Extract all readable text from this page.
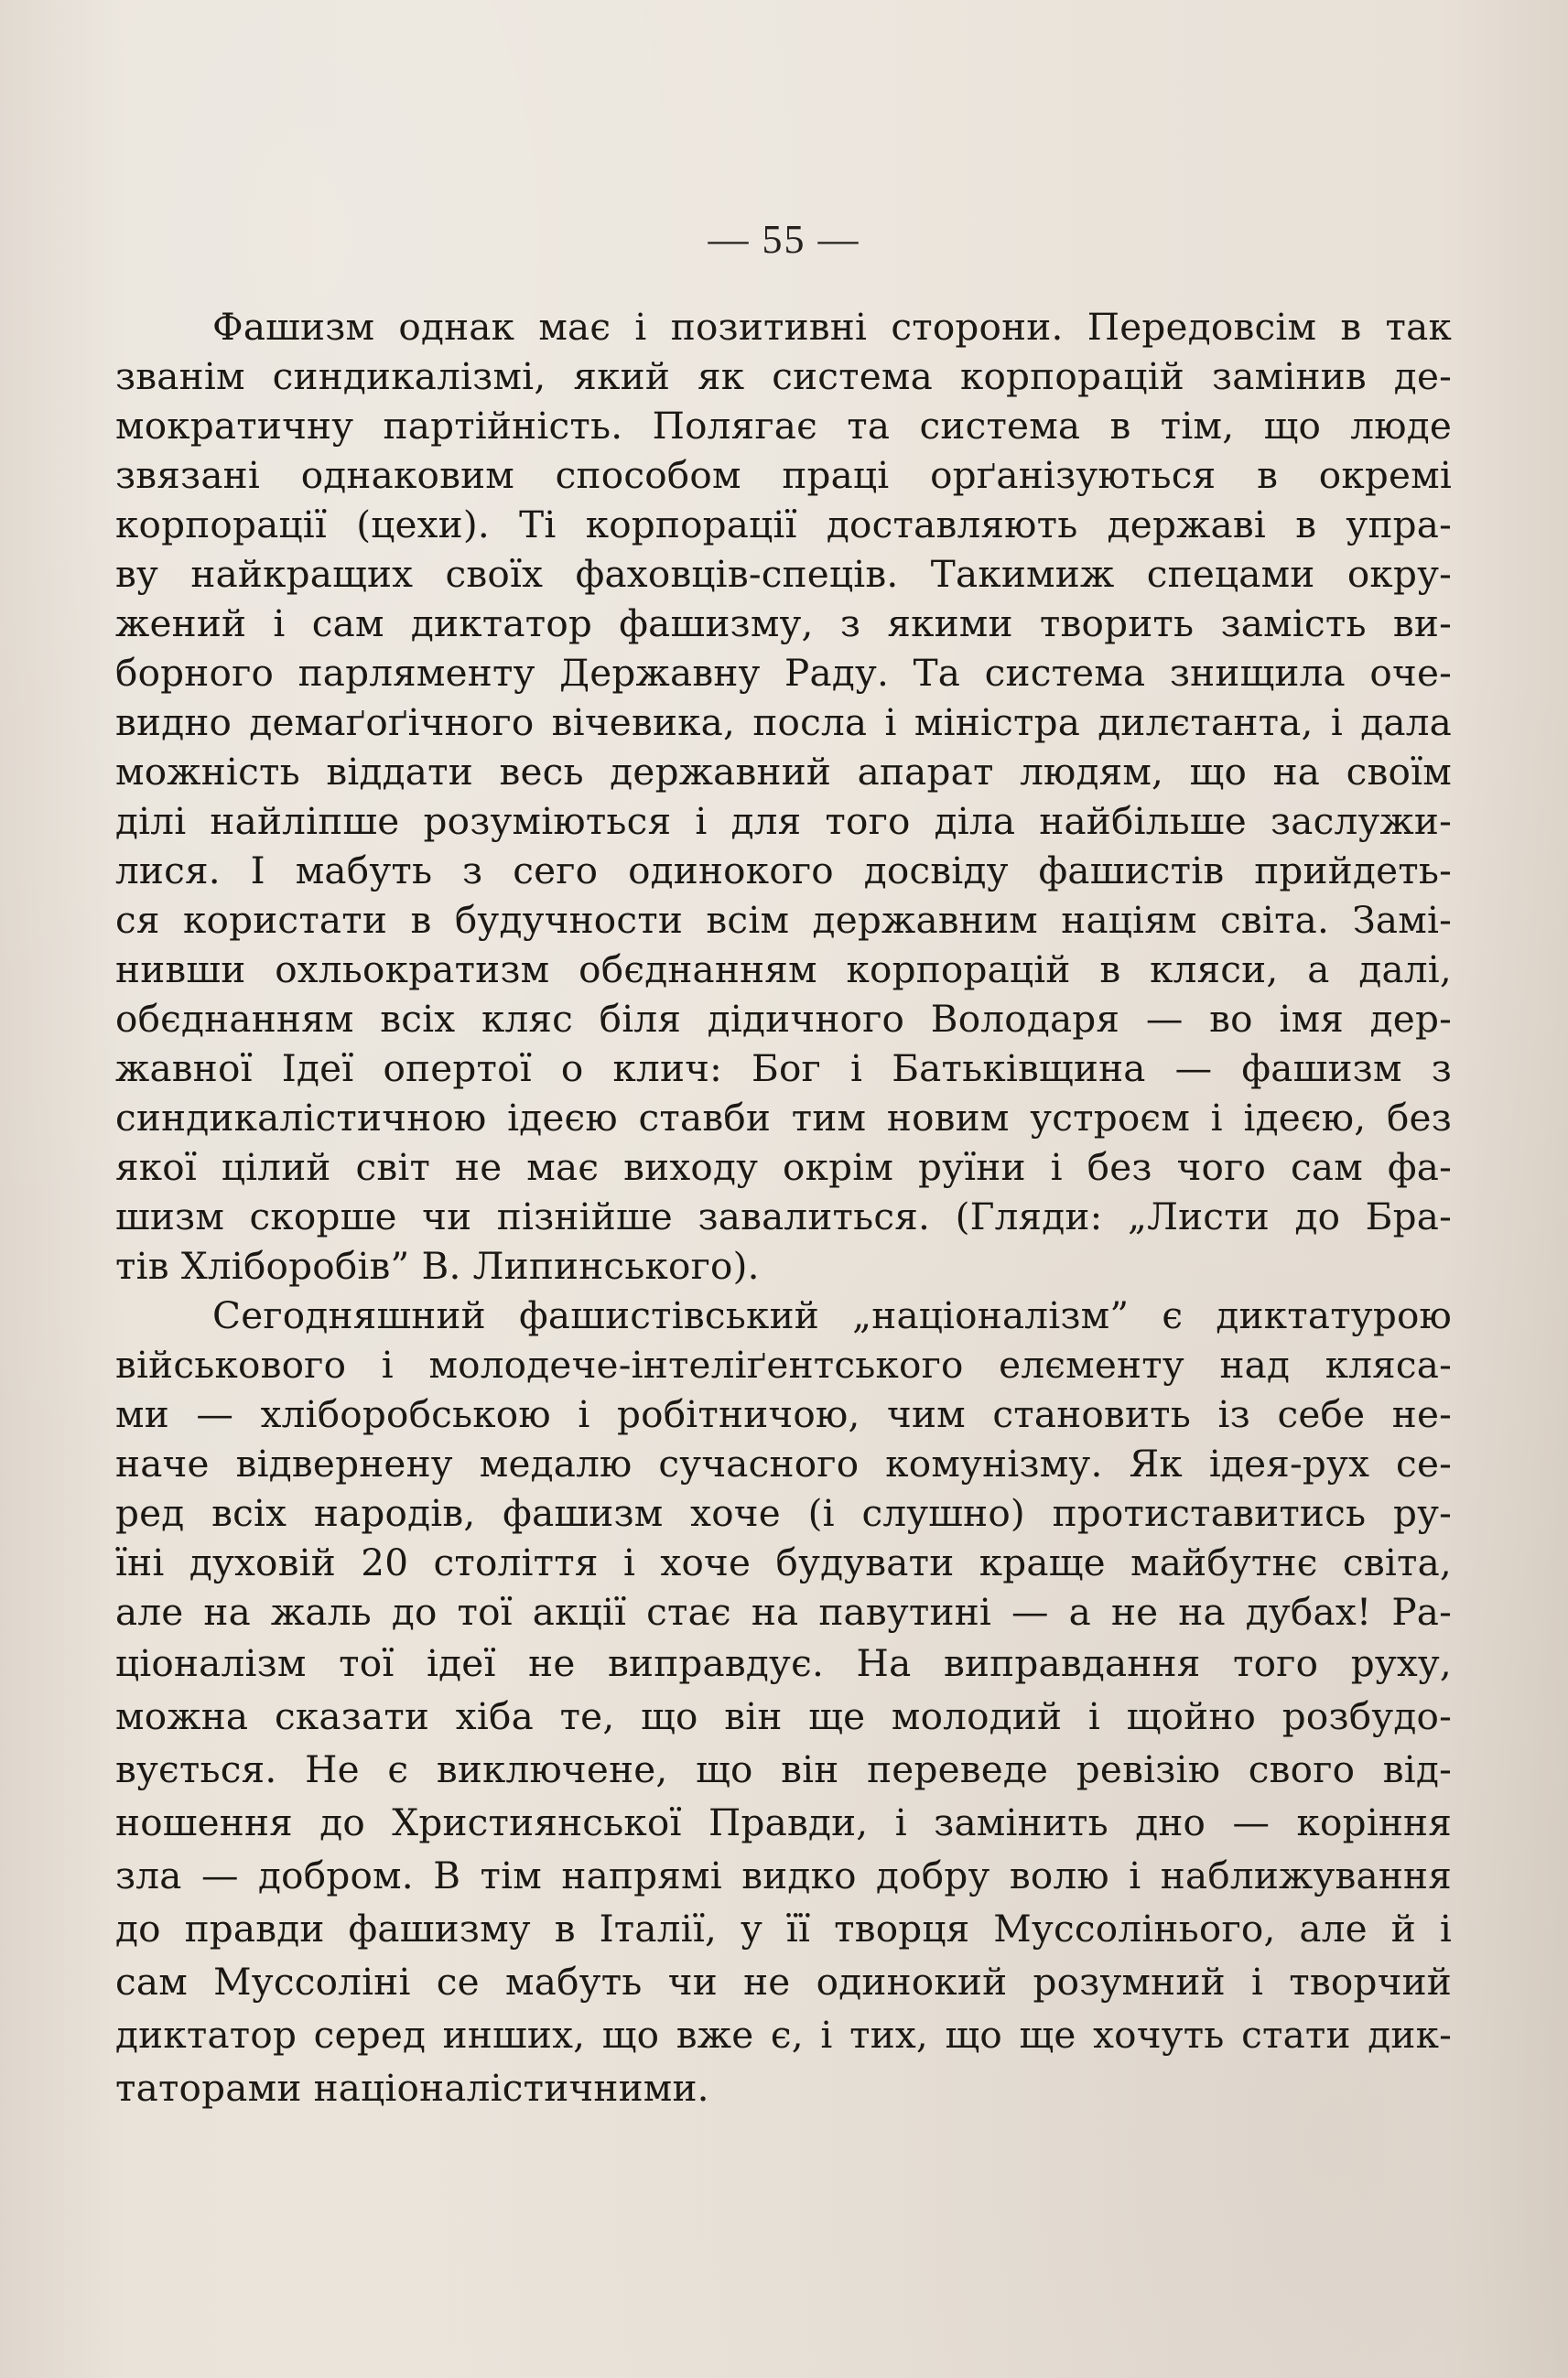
— 55 —
Фашизм однак має і позитивні сторони. Передовсім в так
званім синдикалізмі, який як система корпорацій замінив де-
мократичну партійність. Полягає та система в тім, що люде
звязані однаковим способом праці орґанізуються в окремі
корпорації (цехи). Ті корпорації доставляють державі в упра-
ву найкращих своїх фаховців-спеців. Такимиж спецами окру-
жений і сам диктатор фашизму, з якими творить замість ви-
борного парляменту Державну Раду. Та система знищила оче-
видно демаґоґічного вічевика, посла і міністра дилєтанта, і дала
можність віддати весь державний апарат людям, що на своїм
ділі найліпше розуміються і для того діла найбільше заслужи-
лися. І мабуть з сего одинокого досвіду фашистів прийдеть-
ся користати в будучности всім державним націям світа. Замі-
нивши охльократизм обєднанням корпорацій в кляси, а далі,
обєднанням всіх кляс біля дідичного Володаря — во імя дер-
жавної Ідеї опертої о клич: Бог і Батьківщина — фашизм з
синдикалістичною ідеєю ставби тим новим устроєм і ідеєю, без
якої цілий світ не має виходу окрім руїни і без чого сам фа-
шизм скорше чи пізнійше завалиться. (Гляди: „Листи до Бра-
тів Хліборобів” В. Липинського).
Сегодняшний фашистівський „націоналізм” є диктатурою
військового і молодече-інтеліґентського елєменту над клясa-
ми — хліборобською і робітничою, чим становить із себе не-
наче відвернену медалю сучасного комунізму. Як ідея-рух се-
ред всіх народів, фашизм хоче (і слушно) протиставитись ру-
їні духовій 20 століття і хоче будувати краще майбутнє світа,
але на жаль до тої акції стає на павутині — а не на дубах! Ра-
ціоналізм тої ідеї не виправдує. На виправдання того руху,
можна сказати хіба те, що він ще молодий і щойно розбудо-
вується. Не є виключене, що він переведе ревізію свого від-
ношення до Християнської Правди, і замінить дно — коріння
зла — добром. В тім напрямі видко добру волю і наближування
до правди фашизму в Італії, у її творця Муссолінього, але й і
сам Муссоліні се мабуть чи не одинокий розумний і творчий
диктатор серед инших, що вже є, і тих, що ще хочуть стати дик-
таторами націоналістичними.
